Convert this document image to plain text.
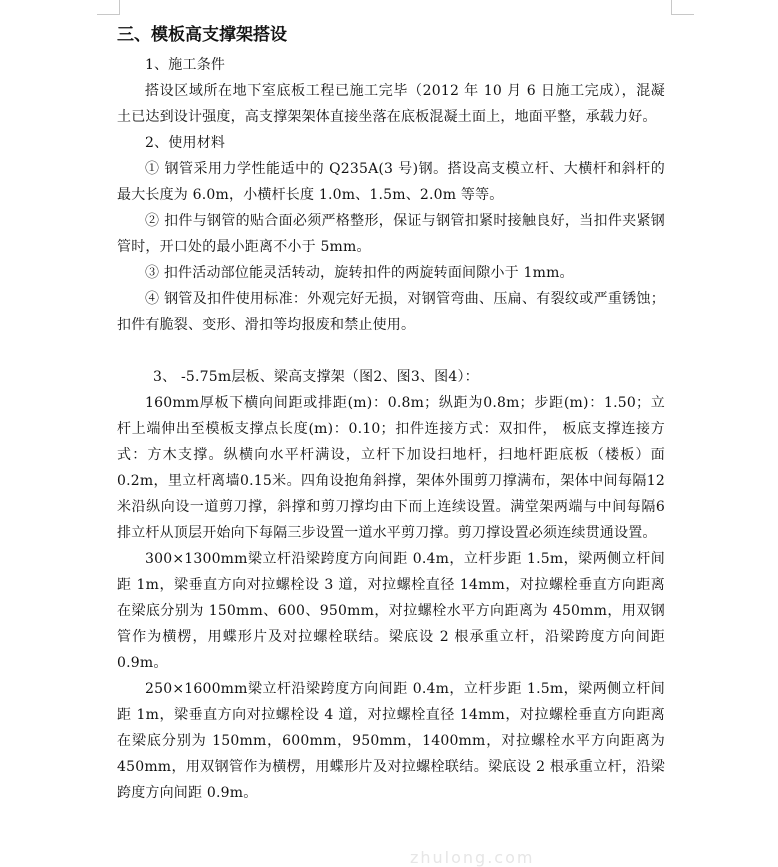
三、模板高支撑架搭设

1、施工条件

搭设区域所在地下室底板工程已施工完毕（2012 年 10 月 6 日施工完成），混凝土已达到设计强度，高支撑架架体直接坐落在底板混凝土面上，地面平整，承载力好。

2、使用材料

① 钢管采用力学性能适中的 Q235A(3 号)钢。搭设高支模立杆、大横杆和斜杆的最大长度为 6.0m，小横杆长度 1.0m、1.5m、2.0m 等等。

② 扣件与钢管的贴合面必须严格整形，保证与钢管扣紧时接触良好，当扣件夹紧钢管时，开口处的最小距离不小于 5mm。

③ 扣件活动部位能灵活转动，旋转扣件的两旋转面间隙小于 1mm。

④ 钢管及扣件使用标准：外观完好无损，对钢管弯曲、压扁、有裂纹或严重锈蚀；扣件有脆裂、变形、滑扣等均报废和禁止使用。

3、 -5.75m层板、梁高支撑架（图2、图3、图4）：

160mm厚板下横向间距或排距(m)：0.8m；纵距为0.8m；步距(m)：1.50；立杆上端伸出至模板支撑点长度(m)：0.10；扣件连接方式：双扣件， 板底支撑连接方式：方木支撑。纵横向水平杆满设，立杆下加设扫地杆，扫地杆距底板（楼板）面0.2m，里立杆离墙0.15米。四角设抱角斜撑，架体外围剪刀撑满布，架体中间每隔12米沿纵向设一道剪刀撑，斜撑和剪刀撑均由下而上连续设置。满堂架两端与中间每隔6排立杆从顶层开始向下每隔三步设置一道水平剪刀撑。剪刀撑设置必须连续贯通设置。

300×1300mm梁立杆沿梁跨度方向间距 0.4m，立杆步距 1.5m，梁两侧立杆间距 1m，梁垂直方向对拉螺栓设 3 道，对拉螺栓直径 14mm，对拉螺栓垂直方向距离在梁底分别为 150mm、600、950mm，对拉螺栓水平方向距离为 450mm，用双钢管作为横楞，用蝶形片及对拉螺栓联结。梁底设 2 根承重立杆，沿梁跨度方向间距 0.9m。

250×1600mm梁立杆沿梁跨度方向间距 0.4m，立杆步距 1.5m，梁两侧立杆间距 1m，梁垂直方向对拉螺栓设 4 道，对拉螺栓直径 14mm，对拉螺栓垂直方向距离在梁底分别为 150mm，600mm，950mm，1400mm，对拉螺栓水平方向距离为 450mm，用双钢管作为横楞，用蝶形片及对拉螺栓联结。梁底设 2 根承重立杆，沿梁跨度方向间距 0.9m。

zhulong.com
